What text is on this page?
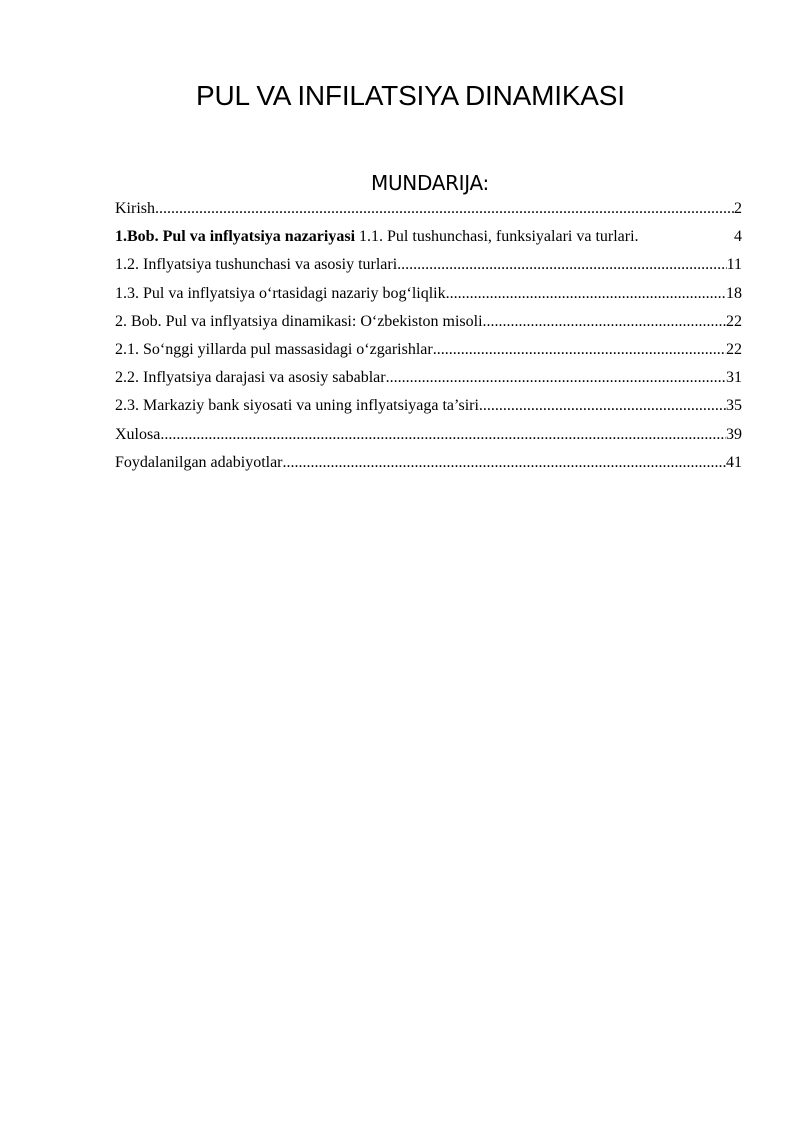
PUL VA INFILATSIYA DINAMIKASI
MUNDARIJA:
Kirish .....	2
1.Bob. Pul va inflyatsiya nazariyasi 1.1. Pul tushunchasi, funksiyalari va turlari.	4
1.2. Inflyatsiya tushunchasi va asosiy turlari .....	11
1.3. Pul va inflyatsiya o‘rtasidagi nazariy bog‘liqlik .....	18
2. Bob. Pul va inflyatsiya dinamikasi: O‘zbekiston misoli .....	22
2.1. So‘nggi yillarda pul massasidagi o‘zgarishlar .....	22
2.2. Inflyatsiya darajasi va asosiy sabablar .....	31
2.3. Markaziy bank siyosati va uning inflyatsiyaga ta’siri .....	35
Xulosa .....	39
Foydalanilgan adabiyotlar .....	41
